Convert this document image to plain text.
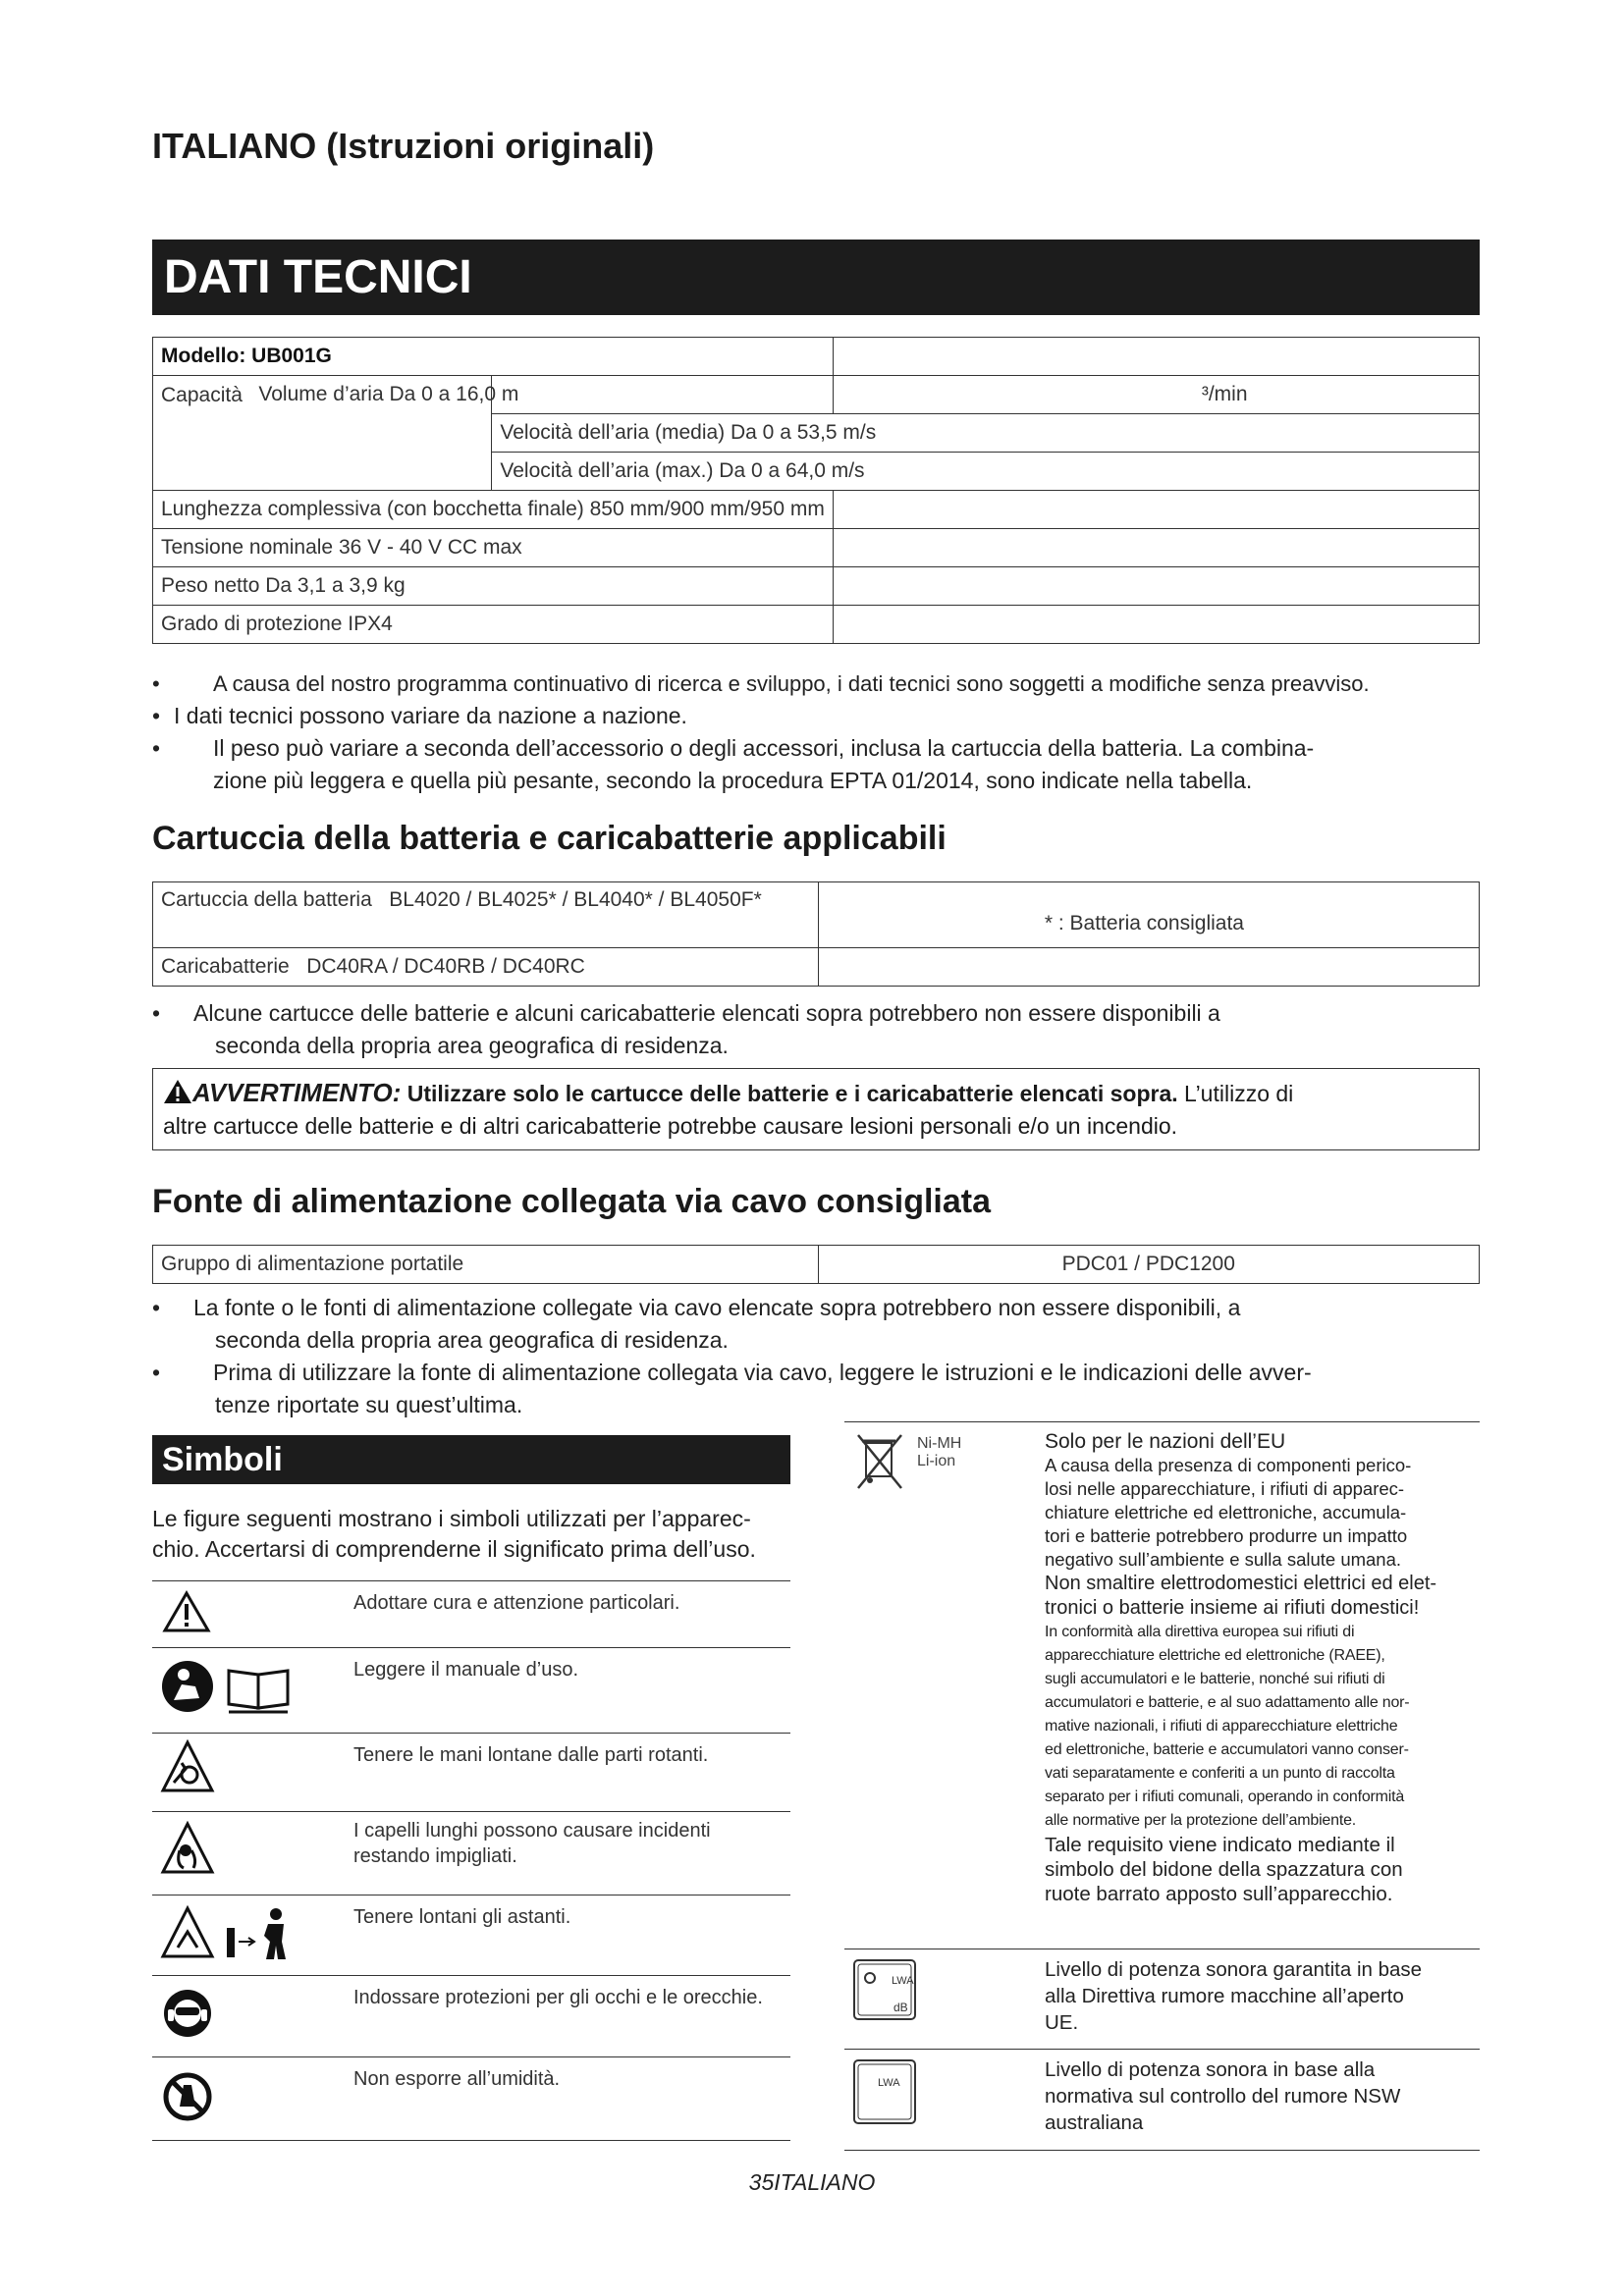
ITALIANO (Istruzioni originali)
DATI TECNICI
Modello: UB001G		
Capacità	Volume d’aria Da 0 a 16,0 m	³/min
	Velocità dell’aria (media) Da 0 a 53,5 m/s	
	Velocità dell’aria (max.) Da 0 a 64,0 m/s	
Lunghezza complessiva (con bocchetta finale) 850 mm/900 mm/950 mm		
Tensione nominale 36 V - 40 V CC max		
Peso netto Da 3,1 a 3,9 kg		
Grado di protezione IPX4		
• A causa del nostro programma continuativo di ricerca e sviluppo, i dati tecnici sono soggetti a modifiche senza preavviso.
• I dati tecnici possono variare da nazione a nazione.
• Il peso può variare a seconda dell’accessorio o degli accessori, inclusa la cartuccia della batteria. La combina-
zione più leggera e quella più pesante, secondo la procedura EPTA 01/2014, sono indicate nella tabella.
Cartuccia della batteria e caricabatterie applicabili
Cartuccia della batteria   BL4020 / BL4025* / BL4040* / BL4050F*	* : Batteria consigliata
Caricabatterie   DC40RA / DC40RB / DC40RC	
• Alcune cartucce delle batterie e alcuni caricabatterie elencati sopra potrebbero non essere disponibili a
seconda della propria area geografica di residenza.
AVVERTIMENTO: Utilizzare solo le cartucce delle batterie e i caricabatterie elencati sopra. L’utilizzo di
altre cartucce delle batterie e di altri caricabatterie potrebbe causare lesioni personali e/o un incendio.
Fonte di alimentazione collegata via cavo consigliata
Gruppo di alimentazione portatile	PDC01 / PDC1200
• La fonte o le fonti di alimentazione collegate via cavo elencate sopra potrebbero non essere disponibili, a
seconda della propria area geografica di residenza.
• Prima di utilizzare la fonte di alimentazione collegata via cavo, leggere le istruzioni e le indicazioni delle avver-
tenze riportate su quest’ultima.
Simboli
Le figure seguenti mostrano i simboli utilizzati per l’apparec-
chio. Accertarsi di comprenderne il significato prima dell’uso.
Adottare cura e attenzione particolari.
Leggere il manuale d’uso.
Tenere le mani lontane dalle parti rotanti.
I capelli lunghi possono causare incidenti restando impigliati.
Tenere lontani gli astanti.
Indossare protezioni per gli occhi e le orecchie.
Non esporre all’umidità.
Ni-MH
Li-ion
Solo per le nazioni dell’EU
A causa della presenza di componenti perico-
losi nelle apparecchiature, i rifiuti di apparec-
chiature elettriche ed elettroniche, accumula-
tori e batterie potrebbero produrre un impatto
negativo sull’ambiente e sulla salute umana.
Non smaltire elettrodomestici elettrici ed elet-
tronici o batterie insieme ai rifiuti domestici!
In conformità alla direttiva europea sui rifiuti di
apparecchiature elettriche ed elettroniche (RAEE),
sugli accumulatori e le batterie, nonché sui rifiuti di
accumulatori e batterie, e al suo adattamento alle nor-
mative nazionali, i rifiuti di apparecchiature elettriche
ed elettroniche, batterie e accumulatori vanno conser-
vati separatamente e conferiti a un punto di raccolta
separato per i rifiuti comunali, operando in conformità
alle normative per la protezione dell’ambiente.
Tale requisito viene indicato mediante il
simbolo del bidone della spazzatura con
ruote barrato apposto sull’apparecchio.
LWA
dB
Livello di potenza sonora garantita in base
alla Direttiva rumore macchine all’aperto
UE.
LWA
Livello di potenza sonora in base alla
normativa sul controllo del rumore NSW
australiana
35ITALIANO
